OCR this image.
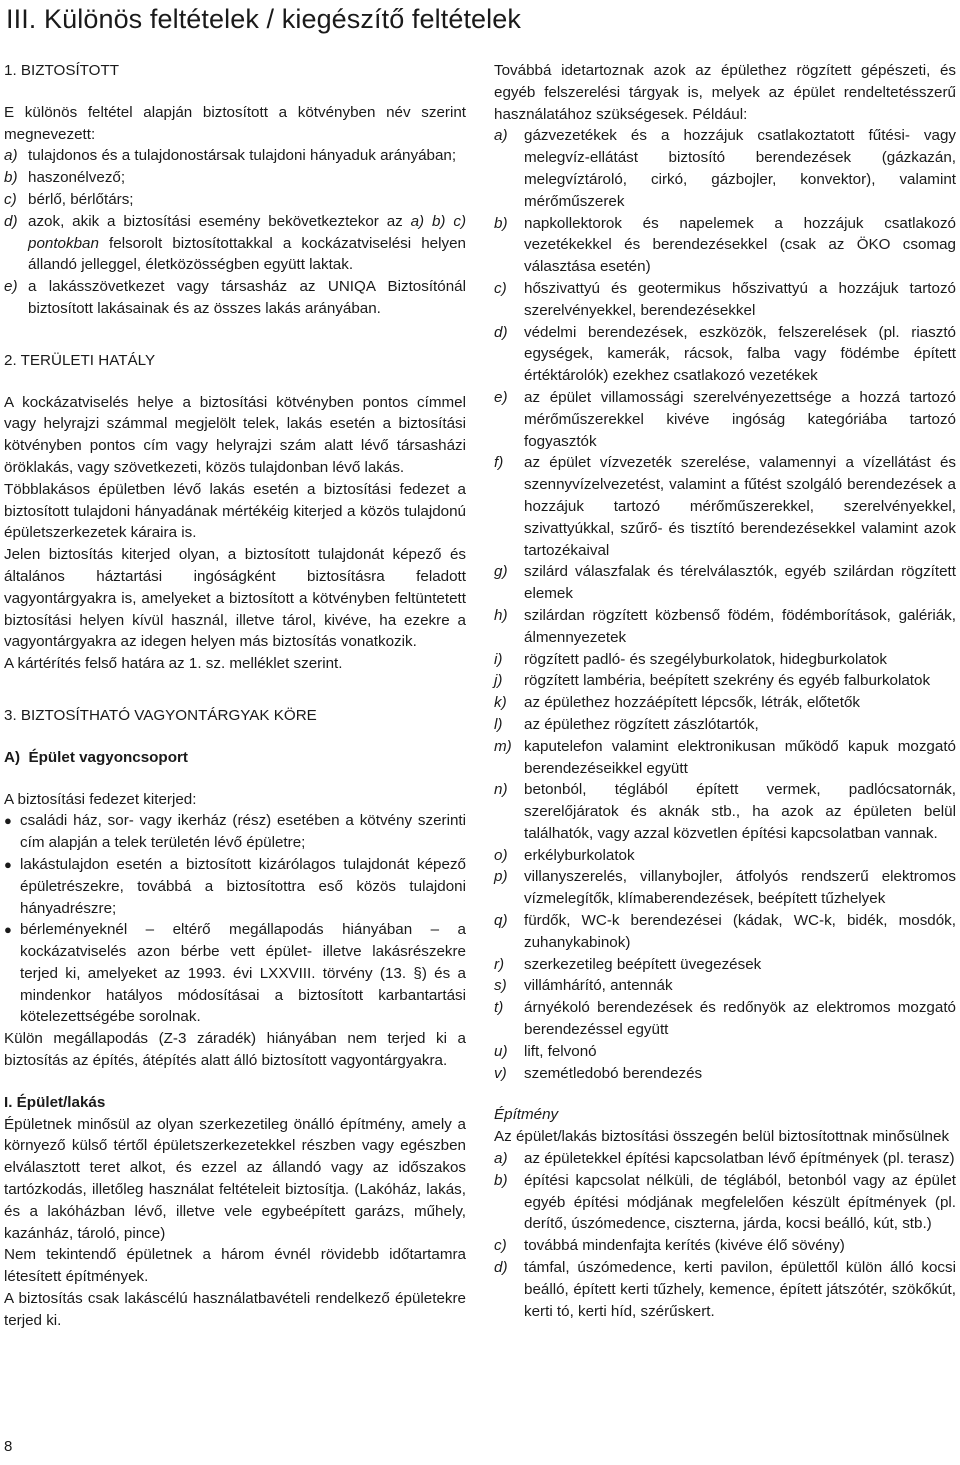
III. Különös feltételek / kiegészítő feltételek

1. BIZTOSÍTOTT

E különös feltétel alapján biztosított a kötvényben név szerint megnevezett:

a) tulajdonos és a tulajdonostársak tulajdoni hányaduk arányában;
b) haszonélvező;
c) bérlő, bérlőtárs;
d) azok, akik a biztosítási esemény bekövetkeztekor az a) b) c) pontokban felsorolt biztosítottakkal a kockázatviselési helyen állandó jelleggel, életközösségben együtt laktak.
e) a lakásszövetkezet vagy társasház az UNIQA Biztosítónál biztosított lakásainak és az összes lakás arányában.

2. TERÜLETI HATÁLY

A kockázatviselés helye a biztosítási kötvényben pontos címmel vagy helyrajzi számmal megjelölt telek, lakás esetén a biztosítási kötvényben pontos cím vagy helyrajzi szám alatt lévő társasházi öröklakás, vagy szövetkezeti, közös tulajdonban lévő lakás.

Többlakásos épületben lévő lakás esetén a biztosítási fedezet a biztosított tulajdoni hányadának mértékéig kiterjed a közös tulajdonú épületszerkezetek káraira is.

Jelen biztosítás kiterjed olyan, a biztosított tulajdonát képező és általános háztartási ingóságként biztosításra feladott vagyontárgyakra is, amelyeket a biztosított a kötvényben feltüntetett biztosítási helyen kívül használ, illetve tárol, kivéve, ha ezekre a vagyontárgyakra az idegen helyen más biztosítás vonatkozik.

A kártérítés felső határa az 1. sz. melléklet szerint.

3. BIZTOSÍTHATÓ VAGYONTÁRGYAK KÖRE

A)  Épület vagyoncsoport

A biztosítási fedezet kiterjed:

● családi ház, sor- vagy ikerház (rész) esetében a kötvény szerinti cím alapján a telek területén lévő épületre;
● lakástulajdon esetén a biztosított kizárólagos tulajdonát képező épületrészekre, továbbá a biztosítottra eső közös tulajdoni hányadrészre;
● bérleményeknél – eltérő megállapodás hiányában – a kockázatviselés azon bérbe vett épület- illetve lakásrészekre terjed ki, amelyeket az 1993. évi LXXVIII. törvény (13. §) és a mindenkor hatályos módosításai a biztosított karbantartási kötelezettségébe sorolnak.

Külön megállapodás (Z-3 záradék) hiányában nem terjed ki a biztosítás az építés, átépítés alatt álló biztosított vagyontárgyakra.

I. Épület/lakás

Épületnek minősül az olyan szerkezetileg önálló építmény, amely a környező külső tértől épületszerkezetekkel részben vagy egészben elválasztott teret alkot, és ezzel az állandó vagy az időszakos tartózkodás, illetőleg használat feltételeit biztosítja. (Lakóház, lakás, és a lakóházban lévő, illetve vele egybeépített garázs, műhely, kazánház, tároló, pince)

Nem tekintendő épületnek a három évnél rövidebb időtartamra létesített építmények.

A biztosítás csak lakáscélú használatbavételi rendelkező épületekre terjed ki.

Továbbá idetartoznak azok az épülethez rögzített gépészeti, és egyéb felszerelési tárgyak is, melyek az épület rendeltetésszerű használatához szükségesek. Például:

a)	gázvezetékek és a hozzájuk csatlakoztatott fűtési- vagy melegvíz-ellátást biztosító berendezések (gázkazán, melegvíztároló, cirkó, gázbojler, konvektor), valamint mérőműszerek
b)	napkollektorok és napelemek a hozzájuk csatlakozó vezetékekkel és berendezésekkel (csak az ÖKO csomag választása esetén)
c)	hőszivattyú és geotermikus hőszivattyú a hozzájuk tartozó szerelvényekkel, berendezésekkel
d)	védelmi berendezések, eszközök, felszerelések (pl. riasztó egységek, kamerák, rácsok, falba vagy födémbe épített értéktárolók) ezekhez csatlakozó vezetékek
e)	az épület villamossági szerelvényezettsége a hozzá tartozó mérőműszerekkel kivéve ingóság kategóriába tartozó fogyasztók
f)	az épület vízvezeték szerelése, valamennyi a vízellátást és szennyvízelvezetést, valamint a fűtést szolgáló berendezések a hozzájuk tartozó mérőműszerekkel, szerelvényekkel, szivattyúkkal, szűrő- és tisztító berendezésekkel valamint azok tartozékaival
g)	szilárd válaszfalak és térelválasztók, egyéb szilárdan rögzített elemek
h)	szilárdan rögzített közbenső födém, födémborítások, galériák, álmennyezetek
i)	rögzített padló- és szegélyburkolatok, hidegburkolatok
j)	rögzített lambéria, beépített szekrény és egyéb falburkolatok
k)	az épülethez hozzáépített lépcsők, létrák, előtetők
l)	az épülethez rögzített zászlótartók,
m) kaputelefon valamint elektronikusan működő kapuk mozgató berendezéseikkel együtt
n)	betonból, téglából épített vermek, padlócsatornák, szerelőjáratok és aknák stb., ha azok az épületen belül találhatók, vagy azzal közvetlen építési kapcsolatban vannak.
o)	erkélyburkolatok
p)	villanyszerelés, villanybojler, átfolyós rendszerű elektromos vízmelegítők, klímaberendezések, beépített tűzhelyek
q)	fürdők, WC-k berendezései (kádak, WC-k, bidék, mosdók, zuhanykabinok)
r)	szerkezetileg beépített üvegezések
s)	villámhárító, antennák
t)	árnyékoló berendezések és redőnyök az elektromos mozgató berendezéssel együtt
u)	lift, felvonó
v)	szemétledobó berendezés

Építmény

Az épület/lakás biztosítási összegén belül biztosítottnak minősülnek

a)	az épületekkel építési kapcsolatban lévő építmények (pl. terasz)
b)	építési kapcsolat nélküli, de téglából, betonból vagy az épület egyéb építési módjának megfelelően készült építmények (pl. derítő, úszómedence, ciszterna, járda, kocsi beálló, kút, stb.)
c)	továbbá mindenfajta kerítés (kivéve élő sövény)
d)	támfal, úszómedence, kerti pavilon, épülettől külön álló kocsi beálló, épített kerti tűzhely, kemence, épített játszótér, szökőkút, kerti tó, kerti híd, szérűskert.
8
